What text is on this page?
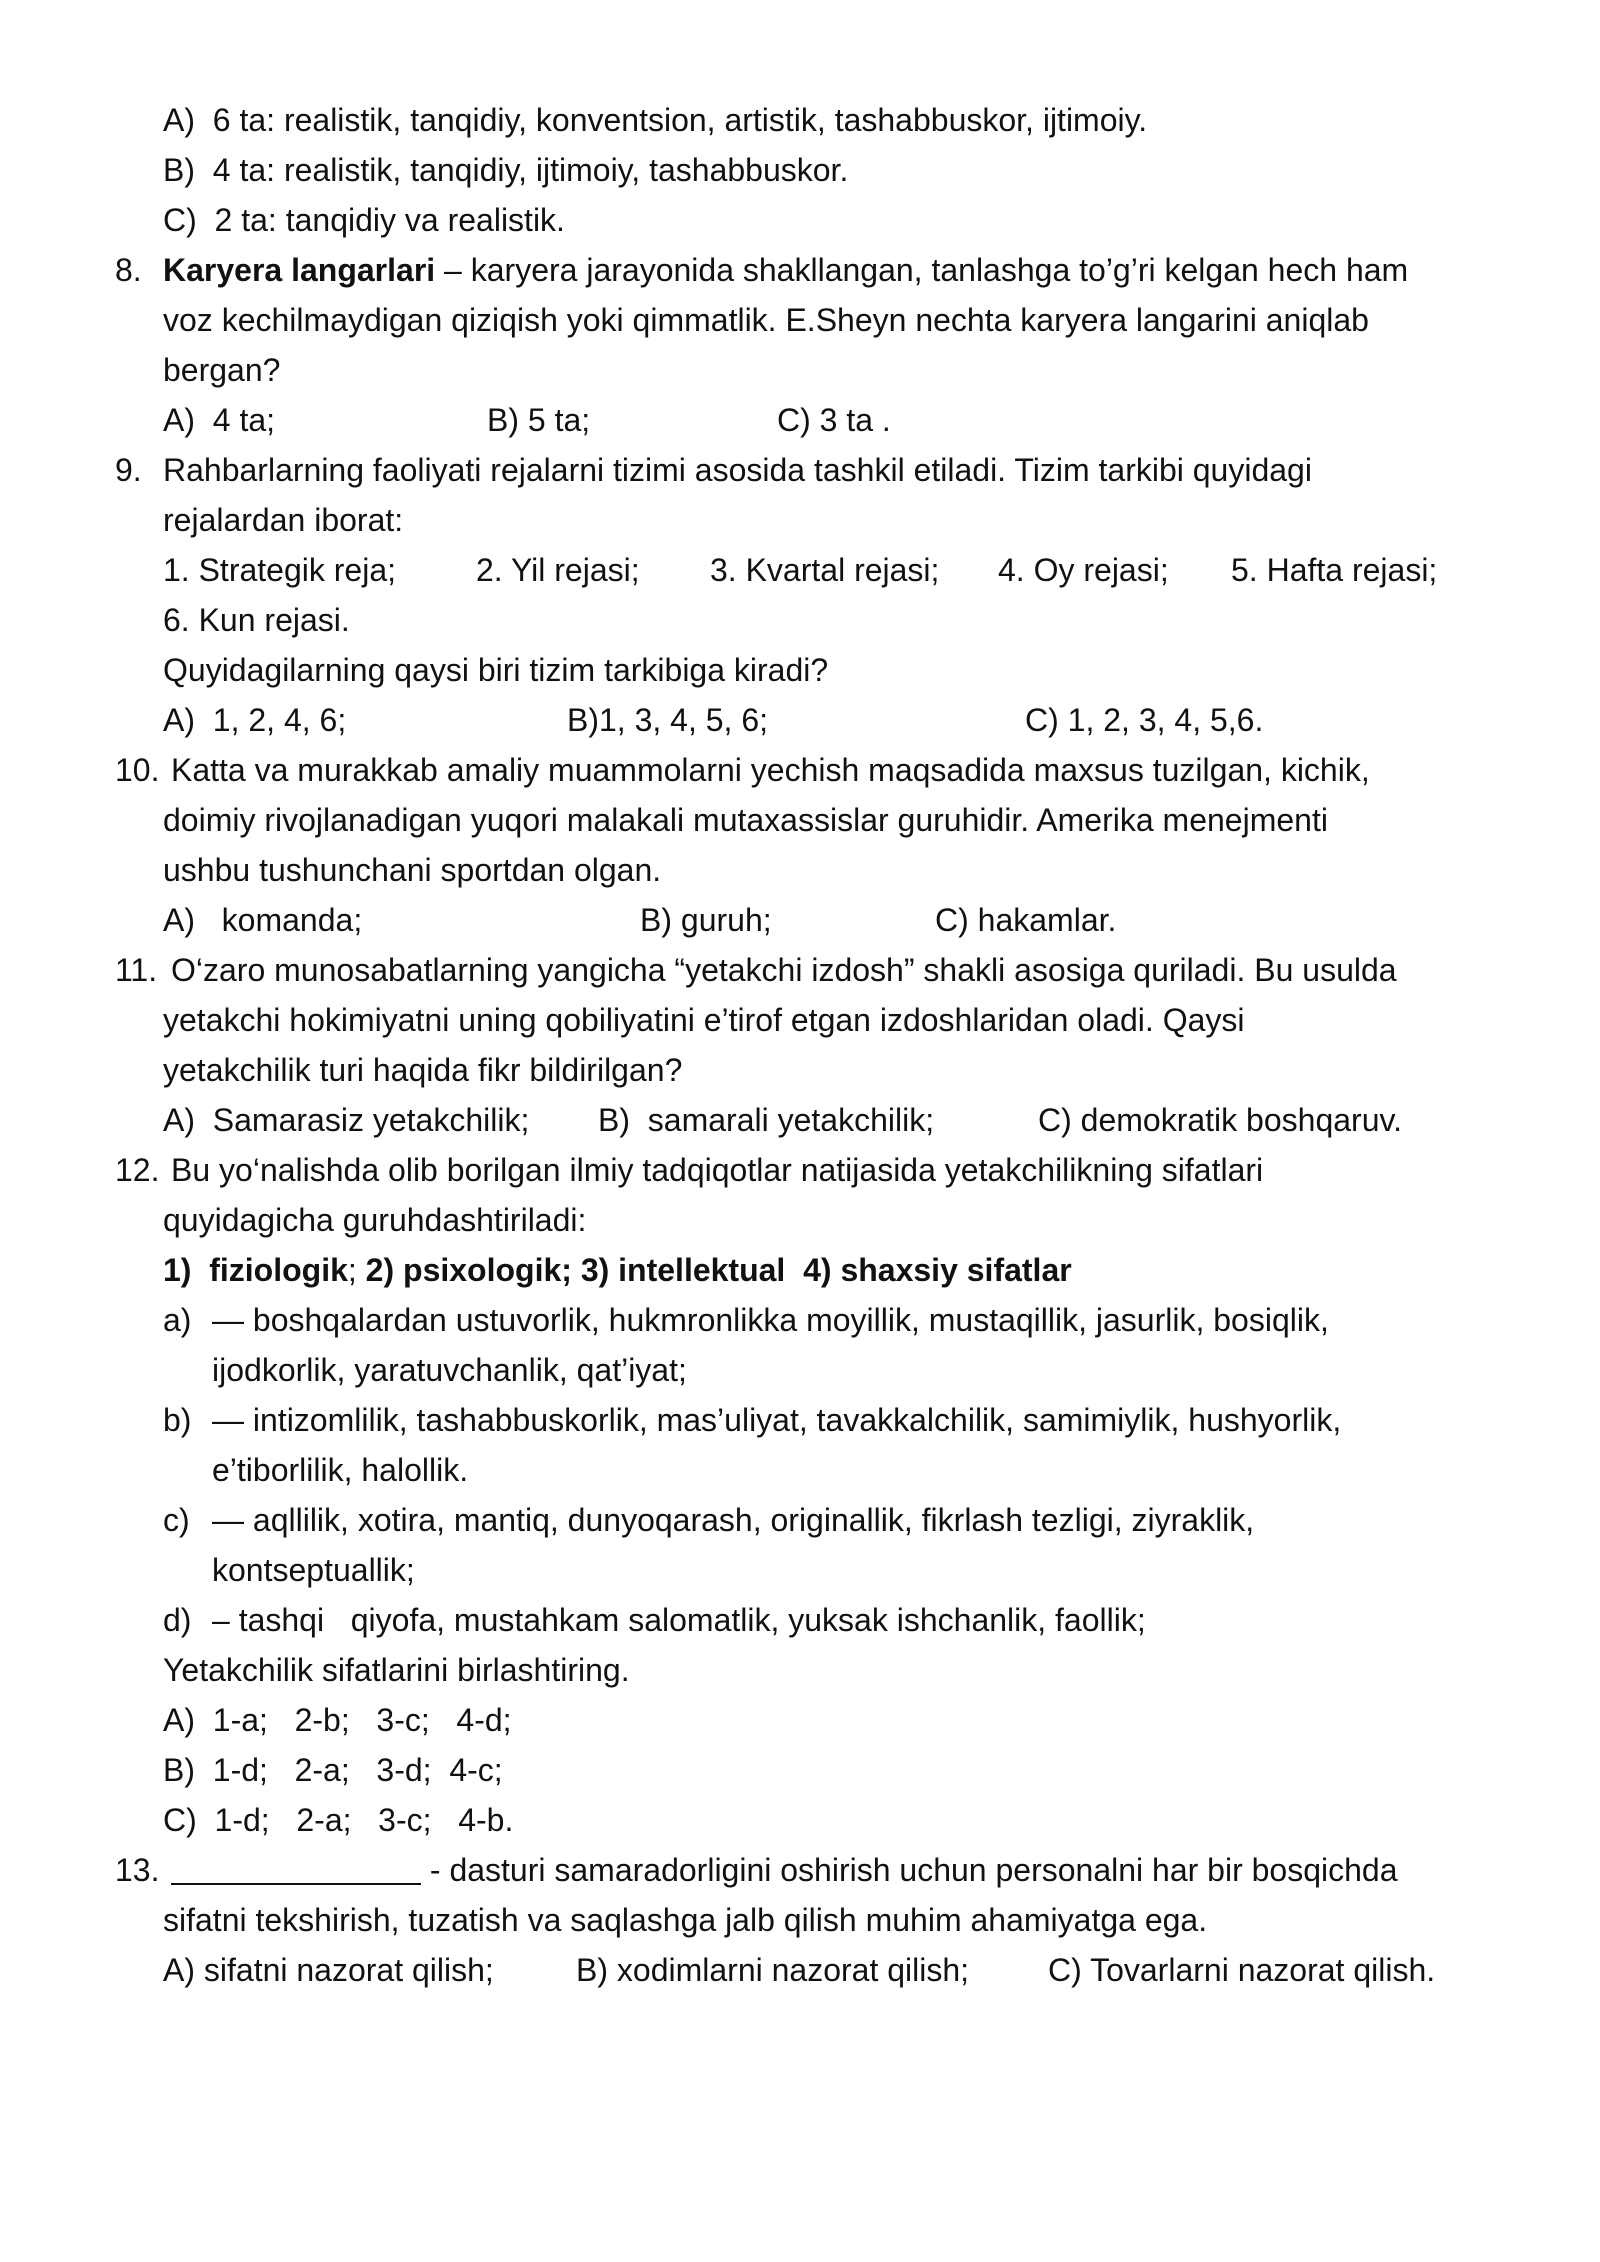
A)  6 ta: realistik, tanqidiy, konventsion, artistik, tashabbuskor, ijtimoiy.
B)  4 ta: realistik, tanqidiy, ijtimoiy, tashabbuskor.
C)  2 ta: tanqidiy va realistik.
8. Karyera langarlari – karyera jarayonida shakllangan, tanlashga to’g’ri kelgan hech ham
voz kechilmaydigan qiziqish yoki qimmatlik. E.Sheyn nechta karyera langarini aniqlab
bergan?
A)  4 ta;	B) 5 ta;	C) 3 ta .
9. Rahbarlarning faoliyati rejalarni tizimi asosida tashkil etiladi. Tizim tarkibi quyidagi
rejalardan iborat:
1. Strategik reja;	2. Yil rejasi; 3. Kvartal rejasi; 4. Oy rejasi; 5. Hafta rejasi;
6. Kun rejasi.
Quyidagilarning qaysi biri tizim tarkibiga kiradi?
A)  1, 2, 4, 6;	B)1, 3, 4, 5, 6;	C) 1, 2, 3, 4, 5,6.
10. Katta va murakkab amaliy muammolarni yechish maqsadida maxsus tuzilgan, kichik,
doimiy rivojlanadigan yuqori malakali mutaxassislar guruhidir. Amerika menejmenti
ushbu tushunchani sportdan olgan.
A)   komanda;	B) guruh;	C) hakamlar.
11. O‘zaro munosabatlarning yangicha “yetakchi izdosh” shakli asosiga quriladi. Bu usulda
yetakchi hokimiyatni uning qobiliyatini e’tirof etgan izdoshlaridan oladi. Qaysi
yetakchilik turi haqida fikr bildirilgan?
A)  Samarasiz yetakchilik; B)  samarali yetakchilik;	C) demokratik boshqaruv.
12. Bu yo‘nalishda olib borilgan ilmiy tadqiqotlar natijasida yetakchilikning sifatlari
quyidagicha guruhdashtiriladi:
1)  fiziologik; 2) psixologik; 3) intellektual  4) shaxsiy sifatlar
a) — boshqalardan ustuvorlik, hukmronlikka moyillik, mustaqillik, jasurlik, bosiqlik,
ijodkorlik, yaratuvchanlik, qat’iyat;
b) — intizomlilik, tashabbuskorlik, mas’uliyat, tavakkalchilik, samimiylik, hushyorlik,
e’tiborlilik, halollik.
c) — aqllilik, xotira, mantiq, dunyoqarash, originallik, fikrlash tezligi, ziyraklik,
kontseptuallik;
d) – tashqi   qiyofa, mustahkam salomatlik, yuksak ishchanlik, faollik;
Yetakchilik sifatlarini birlashtiring.
A)  1-a;   2-b;   3-c;   4-d;
B)  1-d;   2-a;   3-d;  4-c;
C)  1-d;   2-a;   3-c;   4-b.
13.	- dasturi samaradorligini oshirish uchun personalni har bir bosqichda
sifatni tekshirish, tuzatish va saqlashga jalb qilish muhim ahamiyatga ega.
A) sifatni nazorat qilish;	B) xodimlarni nazorat qilish; C) Tovarlarni nazorat qilish.
